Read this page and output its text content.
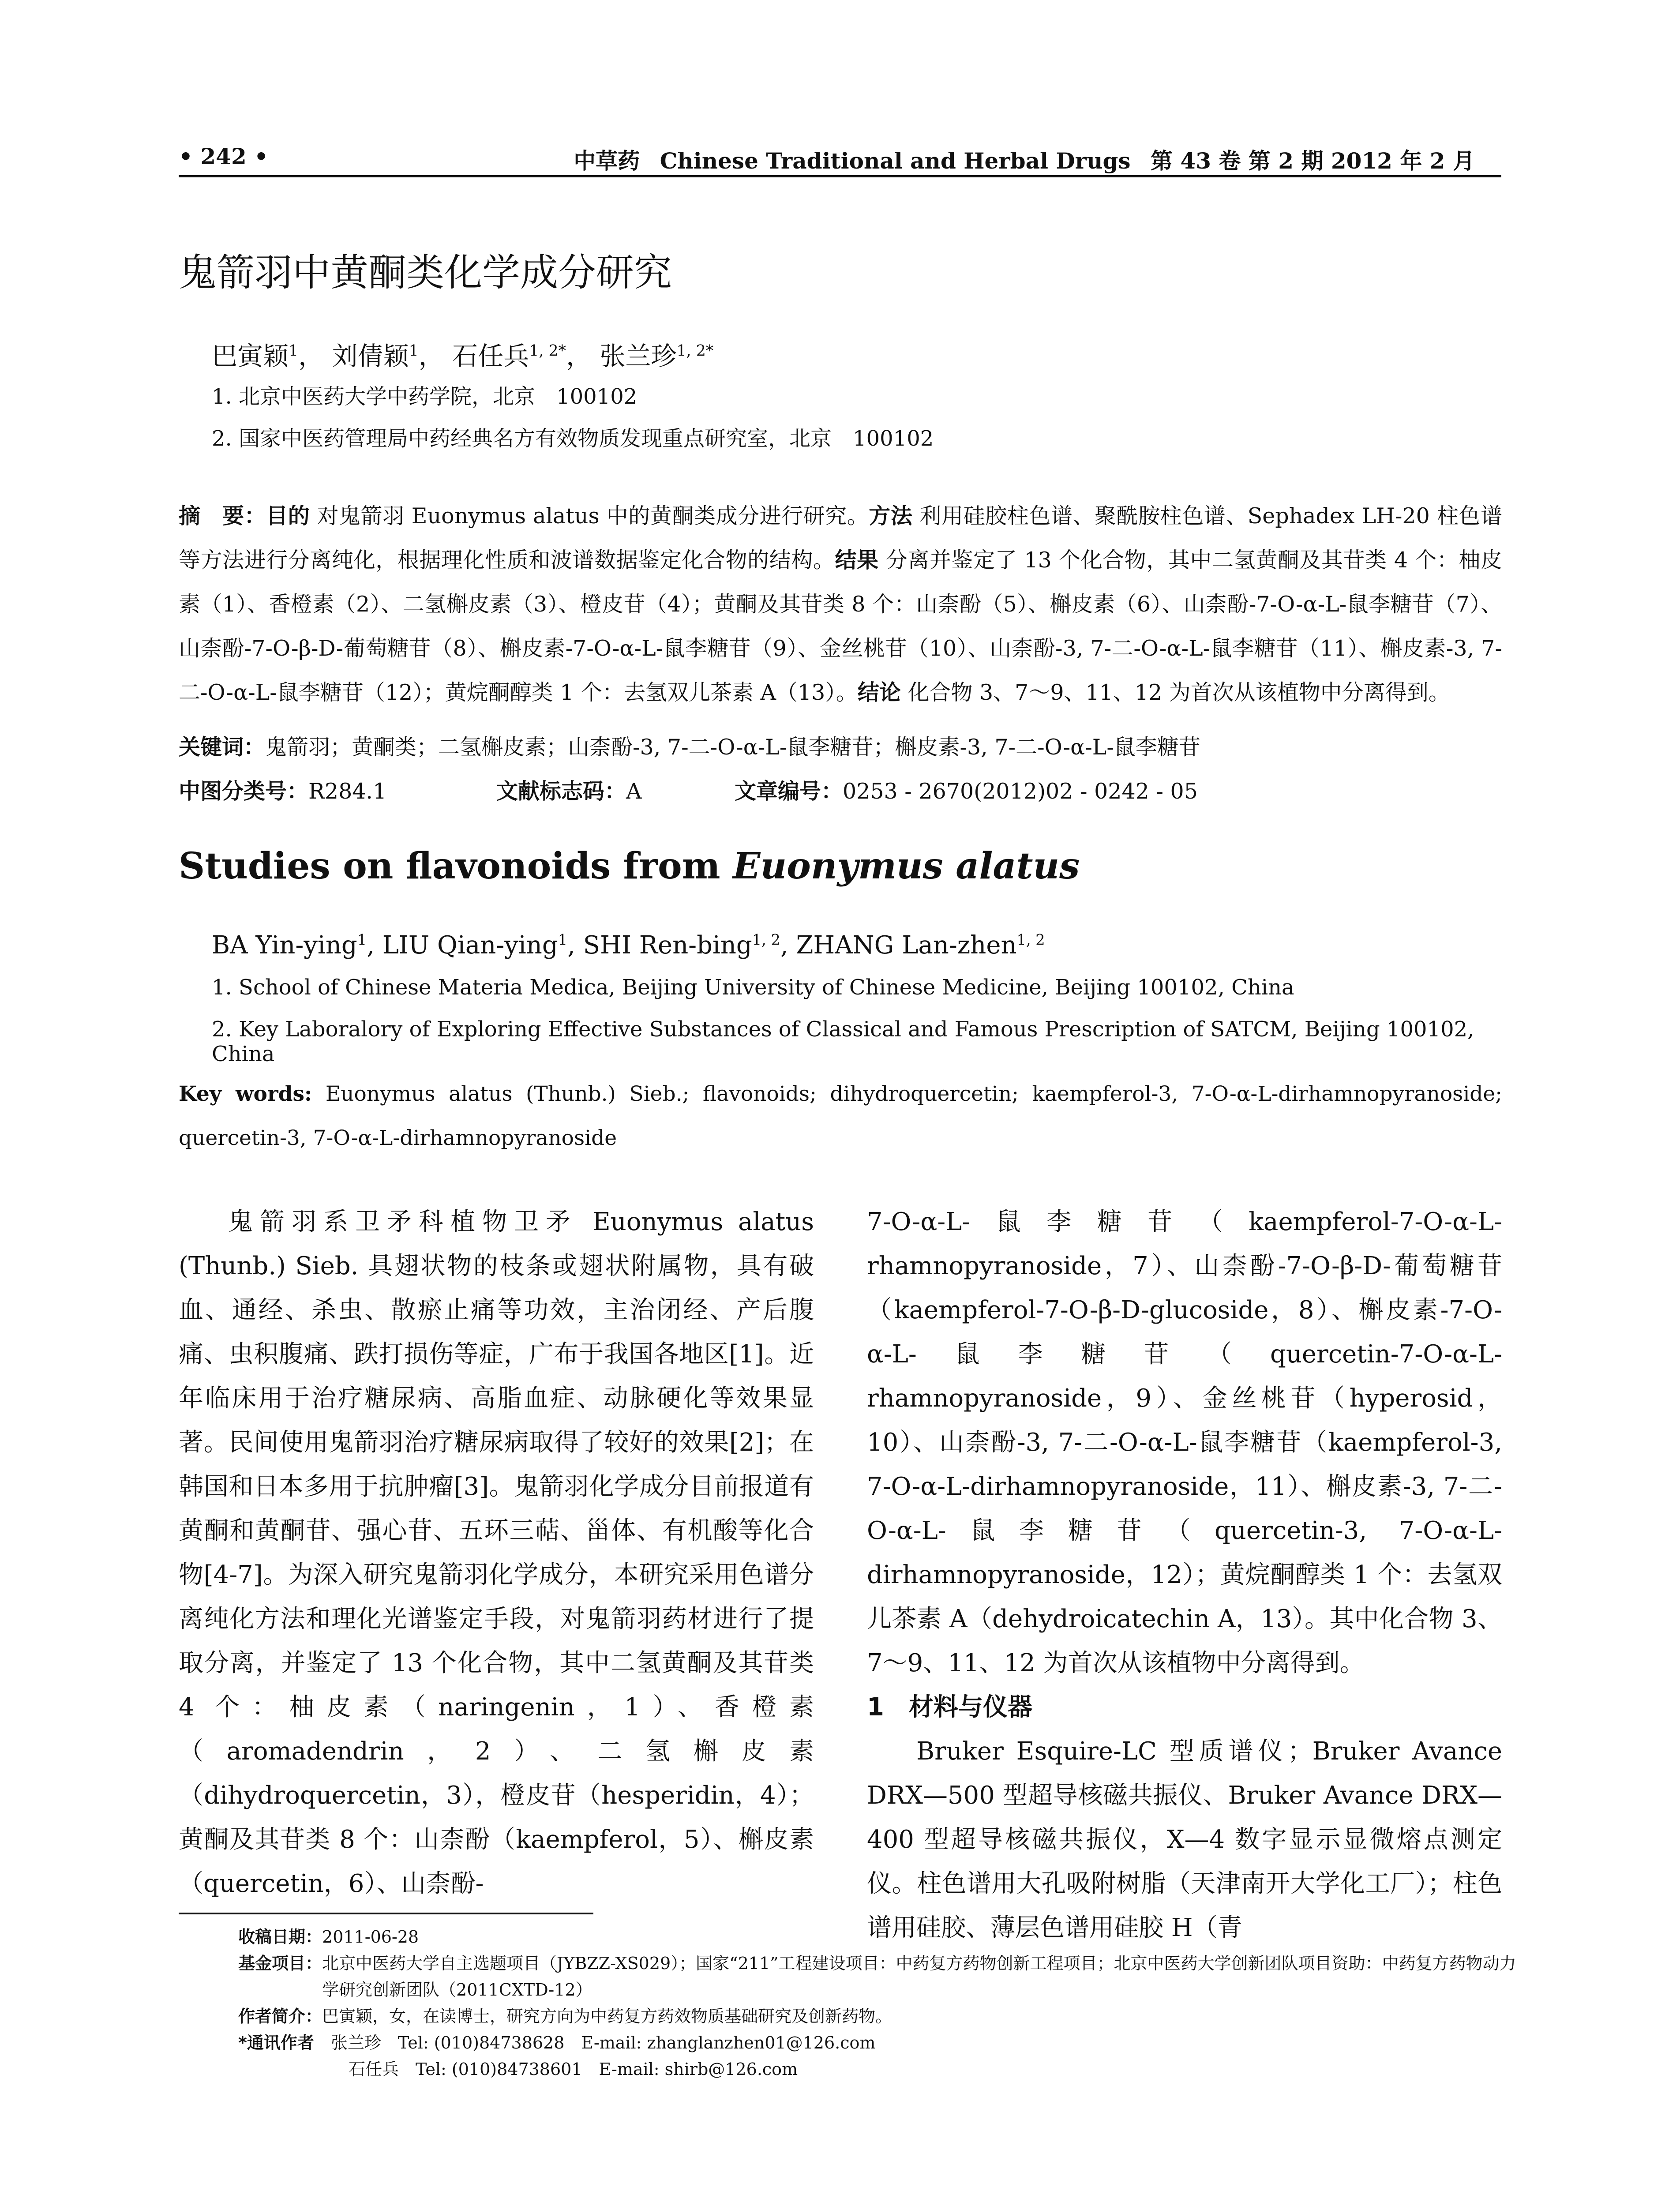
• 242 •	中草药 Chinese Traditional and Herbal Drugs 第 43 卷 第 2 期 2012 年 2 月
鬼箭羽中黄酮类化学成分研究
巴寅颖$^1$， 刘倩颖$^1$， 石任兵$^{1, 2*}$， 张兰珍$^{1, 2*}$
1. 北京中医药大学中药学院，北京　100102
2. 国家中医药管理局中药经典名方有效物质发现重点研究室，北京　100102
摘　要：目的 对鬼箭羽 Euonymus alatus 中的黄酮类成分进行研究。方法 利用硅胶柱色谱、聚酰胺柱色谱、Sephadex LH-20 柱色谱等方法进行分离纯化，根据理化性质和波谱数据鉴定化合物的结构。结果 分离并鉴定了 13 个化合物，其中二氢黄酮及其苷类 4 个：柚皮素（1）、香橙素（2）、二氢槲皮素（3）、橙皮苷（4）；黄酮及其苷类 8 个：山柰酚（5）、槲皮素（6）、山柰酚-7-O-α-L-鼠李糖苷（7）、山柰酚-7-O-β-D-葡萄糖苷（8）、槲皮素-7-O-α-L-鼠李糖苷（9）、金丝桃苷（10）、山柰酚-3, 7-二-O-α-L-鼠李糖苷（11）、槲皮素-3, 7-二-O-α-L-鼠李糖苷（12）；黄烷酮醇类 1 个：去氢双儿茶素 A（13）。结论 化合物 3、7～9、11、12 为首次从该植物中分离得到。
关键词：鬼箭羽；黄酮类；二氢槲皮素；山柰酚-3, 7-二-O-α-L-鼠李糖苷；槲皮素-3, 7-二-O-α-L-鼠李糖苷
中图分类号：R284.1	文献标志码：A	文章编号：0253 - 2670(2012)02 - 0242 - 05
Studies on flavonoids from Euonymus alatus
BA Yin-ying$^1$, LIU Qian-ying$^1$, SHI Ren-bing$^{1, 2}$, ZHANG Lan-zhen$^{1, 2}$
1. School of Chinese Materia Medica, Beijing University of Chinese Medicine, Beijing 100102, China
2. Key Laboralory of Exploring Effective Substances of Classical and Famous Prescription of SATCM, Beijing 100102, China
Key words: Euonymus alatus (Thunb.) Sieb.; flavonoids; dihydroquercetin; kaempferol-3, 7-O-α-L-dirhamnopyranoside; quercetin-3, 7-O-α-L-dirhamnopyranoside

鬼箭羽系卫矛科植物卫矛 Euonymus alatus (Thunb.) Sieb. 具翅状物的枝条或翅状附属物，具有破血、通经、杀虫、散瘀止痛等功效，主治闭经、产后腹痛、虫积腹痛、跌打损伤等症，广布于我国各地区[1]。近年临床用于治疗糖尿病、高脂血症、动脉硬化等效果显著。民间使用鬼箭羽治疗糖尿病取得了较好的效果[2]；在韩国和日本多用于抗肿瘤[3]。鬼箭羽化学成分目前报道有黄酮和黄酮苷、强心苷、五环三萜、甾体、有机酸等化合物[4-7]。为深入研究鬼箭羽化学成分，本研究采用色谱分离纯化方法和理化光谱鉴定手段，对鬼箭羽药材进行了提取分离，并鉴定了 13 个化合物，其中二氢黄酮及其苷类 4 个：柚皮素（naringenin，1）、香橙素（aromadendrin，2）、二氢槲皮素（dihydroquercetin，3），橙皮苷（hesperidin，4）；黄酮及其苷类 8 个：山柰酚（kaempferol，5）、槲皮素（quercetin，6）、山柰酚-

7-O-α-L-鼠李糖苷（kaempferol-7-O-α-L-rhamnopyranoside，7）、山柰酚-7-O-β-D-葡萄糖苷（kaempferol-7-O-β-D-glucoside，8）、槲皮素-7-O-α-L-鼠李糖苷（quercetin-7-O-α-L-rhamnopyranoside，9）、金丝桃苷（hyperosid，10）、山柰酚-3, 7-二-O-α-L-鼠李糖苷（kaempferol-3, 7-O-α-L-dirhamnopyranoside，11）、槲皮素-3, 7-二-O-α-L-鼠李糖苷（quercetin-3, 7-O-α-L-dirhamnopyranoside，12）；黄烷酮醇类 1 个：去氢双儿茶素 A（dehydroicatechin A，13）。其中化合物 3、7～9、11、12 为首次从该植物中分离得到。

1　材料与仪器

Bruker Esquire-LC 型质谱仪；Bruker Avance DRX—500 型超导核磁共振仪、Bruker Avance DRX—400 型超导核磁共振仪，X—4 数字显示显微熔点测定仪。柱色谱用大孔吸附树脂（天津南开大学化工厂）；柱色谱用硅胶、薄层色谱用硅胶 H（青

收稿日期：2011-06-28
基金项目： 北京中医药大学自主选题项目（JYBZZ-XS029）；国家“211”工程建设项目：中药复方药物创新工程项目；北京中医药大学创新团队项目资助：中药复方药物动力学研究创新团队（2011CXTD-12）
作者简介：巴寅颖，女，在读博士，研究方向为中药复方药效物质基础研究及创新药物。
*通讯作者　 张兰珍　Tel: (010)84738628　E-mail: zhanglanzhen01@126.com
石任兵　Tel: (010)84738601　E-mail: shirb@126.com
